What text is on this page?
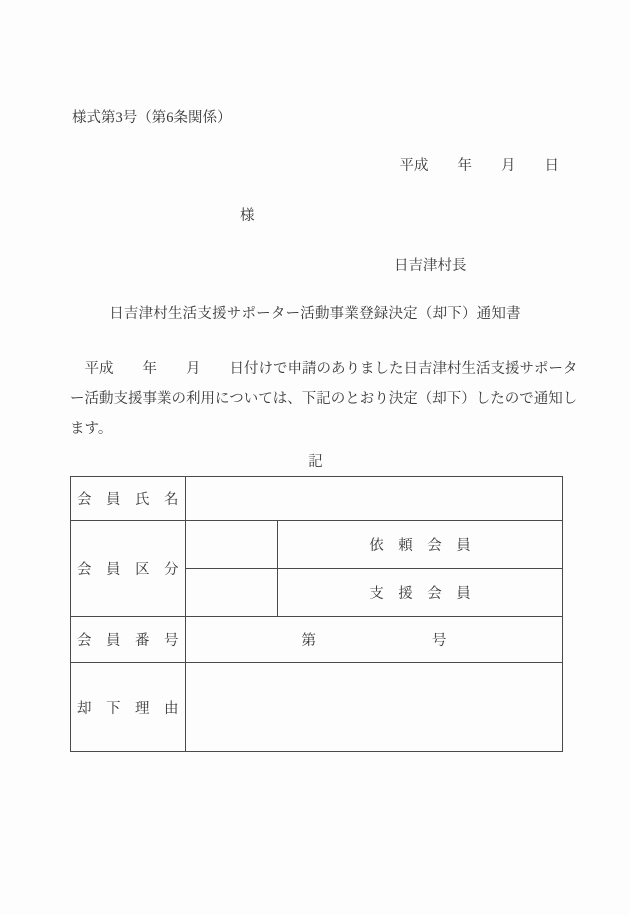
様式第3号（第6条関係）
平成　　年　　月　　日
様
日吉津村長
日吉津村生活支援サポーター活動事業登録決定（却下）通知書
　平成　　年　　月　　日付けで申請のありました日吉津村生活支援サポータ
ー活動支援事業の利用については、下記のとおり決定（却下）したので通知し
ます。
記
会　員　氏　名
会　員　区　分
依　頼　会　員
支　援　会　員
会　員　番　号	第	号
却　下　理　由
